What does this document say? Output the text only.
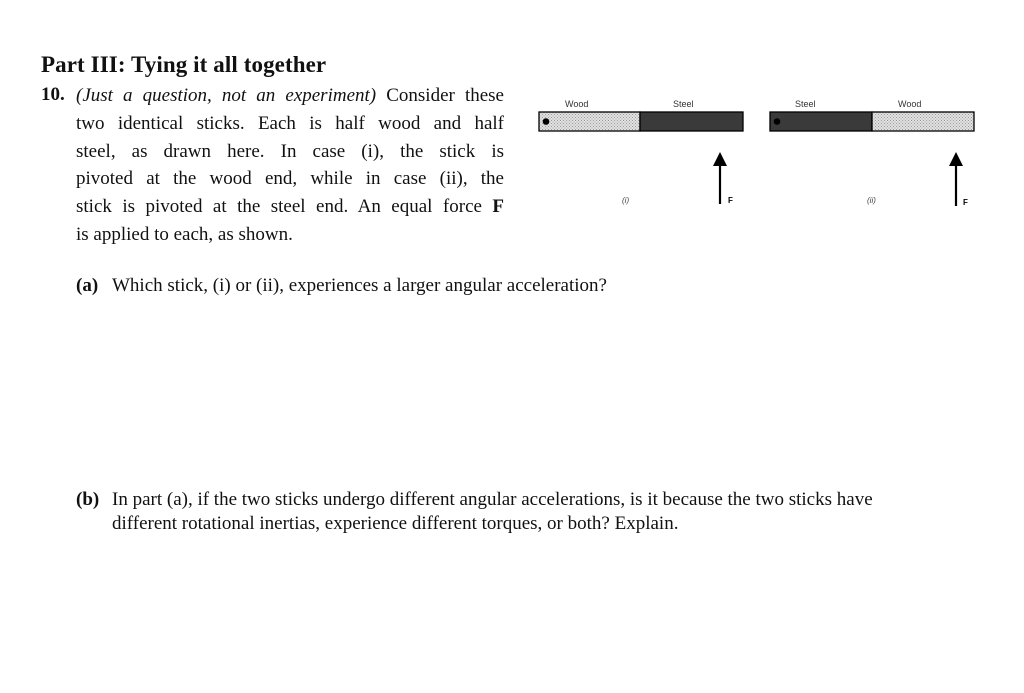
Part III: Tying it all together
10. (Just a question, not an experiment) Consider these
two identical sticks. Each is half wood and half
steel, as drawn here. In case (i), the stick is
pivoted at the wood end, while in case (ii), the
stick is pivoted at the steel end. An equal force F
is applied to each, as shown.
Wood	Steel
F
(i)
Steel	Wood
F
(ii)
(a) Which stick, (i) or (ii), experiences a larger angular acceleration?
(b) In part (a), if the two sticks undergo different angular accelerations, is it because the two sticks have
different rotational inertias, experience different torques, or both? Explain.
